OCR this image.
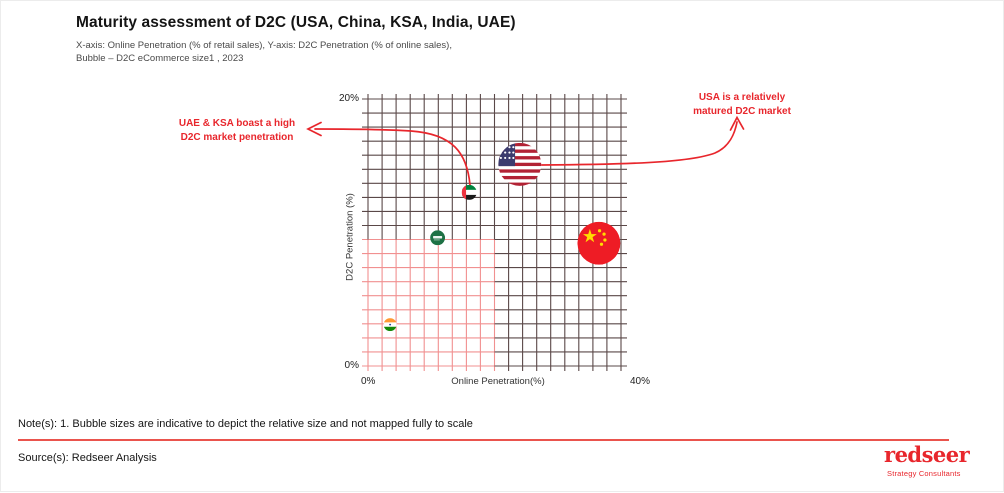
Maturity assessment of D2C (USA, China, KSA, India, UAE)
X-axis: Online Penetration (% of retail sales), Y-axis: D2C Penetration (% of online sales),
Bubble – D2C eCommerce size1 , 2023
20%
0%
D2C Penetration (%)
0%	Online Penetration(%)	40%
UAE & KSA boast a high
D2C market penetration
USA is a relatively
matured D2C market
Note(s): 1. Bubble sizes are indicative to depict the relative size and not mapped fully to scale
Source(s): Redseer Analysis	redseer
Strategy Consultants
